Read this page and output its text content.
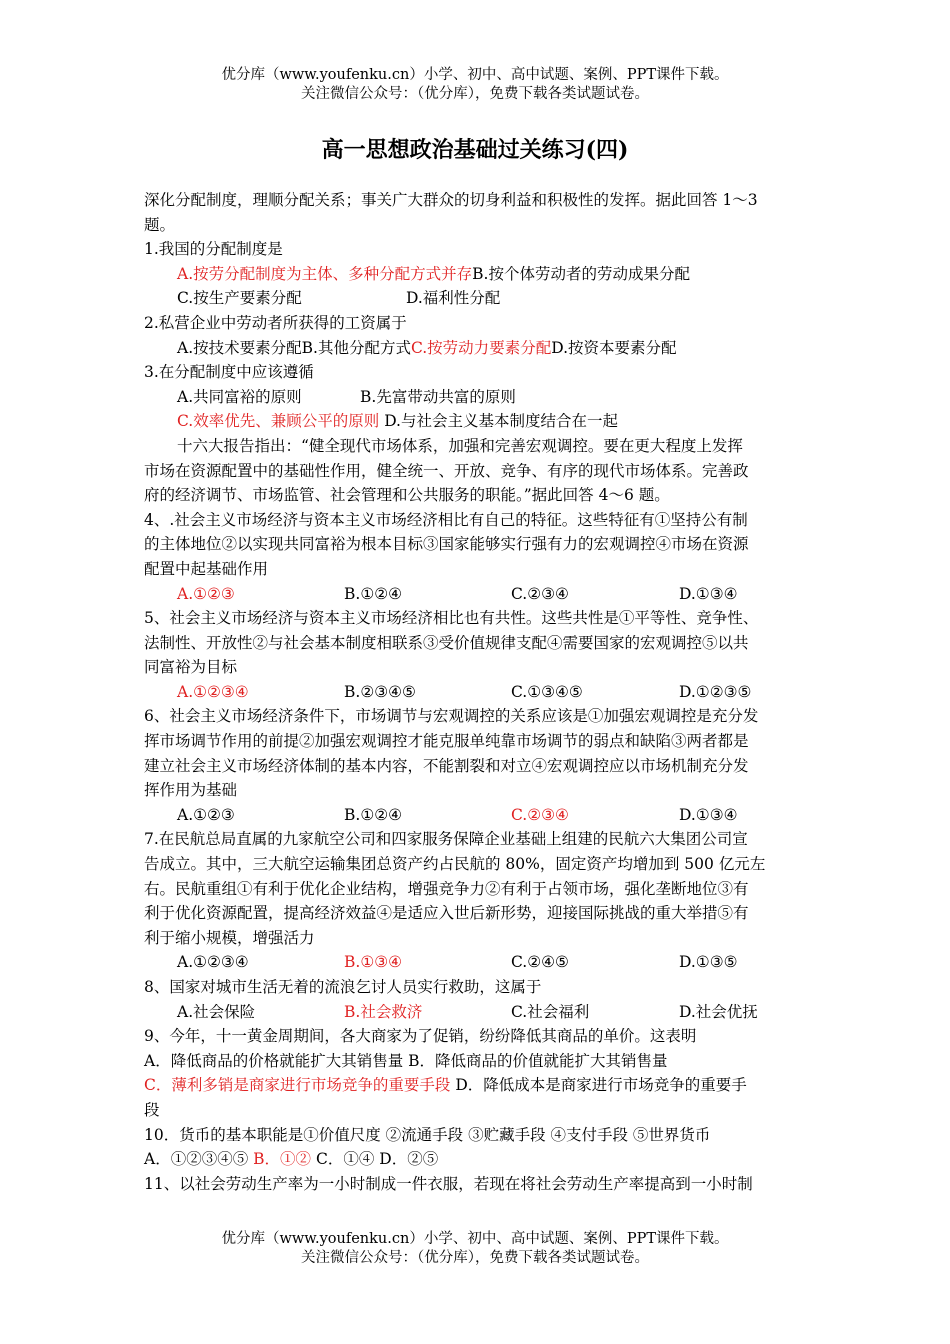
优分库（www.youfenku.cn）小学、初中、高中试题、案例、PPT课件下载。
关注微信公众号：（优分库），免费下载各类试题试卷。
高一思想政治基础过关练习(四)
深化分配制度，理顺分配关系；事关广大群众的切身利益和积极性的发挥。据此回答 1～3
题。
1.我国的分配制度是
A.按劳分配制度为主体、多种分配方式并存B.按个体劳动者的劳动成果分配
C.按生产要素分配	D.福利性分配
2.私营企业中劳动者所获得的工资属于
A.按技术要素分配B.其他分配方式C.按劳动力要素分配D.按资本要素分配
3.在分配制度中应该遵循
A.共同富裕的原则	B.先富带动共富的原则
C.效率优先、兼顾公平的原则 D.与社会主义基本制度结合在一起
十六大报告指出：“健全现代市场体系，加强和完善宏观调控。要在更大程度上发挥
市场在资源配置中的基础性作用，健全统一、开放、竞争、有序的现代市场体系。完善政
府的经济调节、市场监管、社会管理和公共服务的职能。”据此回答 4～6 题。
4、.社会主义市场经济与资本主义市场经济相比有自己的特征。这些特征有①坚持公有制
的主体地位②以实现共同富裕为根本目标③国家能够实行强有力的宏观调控④市场在资源
配置中起基础作用
A.①②③	B.①②④	C.②③④	D.①③④
5、社会主义市场经济与资本主义市场经济相比也有共性。这些共性是①平等性、竞争性、
法制性、开放性②与社会基本制度相联系③受价值规律支配④需要国家的宏观调控⑤以共
同富裕为目标
A.①②③④	B.②③④⑤	C.①③④⑤	D.①②③⑤
6、社会主义市场经济条件下，市场调节与宏观调控的关系应该是①加强宏观调控是充分发
挥市场调节作用的前提②加强宏观调控才能克服单纯靠市场调节的弱点和缺陷③两者都是
建立社会主义市场经济体制的基本内容，不能割裂和对立④宏观调控应以市场机制充分发
挥作用为基础
A.①②③	B.①②④	C.②③④	D.①③④
7.在民航总局直属的九家航空公司和四家服务保障企业基础上组建的民航六大集团公司宣
告成立。其中，三大航空运输集团总资产约占民航的 80%，固定资产均增加到 500 亿元左
右。民航重组①有利于优化企业结构，增强竞争力②有利于占领市场，强化垄断地位③有
利于优化资源配置，提高经济效益④是适应入世后新形势，迎接国际挑战的重大举措⑤有
利于缩小规模，增强活力
A.①②③④	B.①③④	C.②④⑤	D.①③⑤
8、国家对城市生活无着的流浪乞讨人员实行救助，这属于
A.社会保险	B.社会救济	C.社会福利	D.社会优抚
9、今年，十一黄金周期间，各大商家为了促销，纷纷降低其商品的单价。这表明
A．降低商品的价格就能扩大其销售量 B．降低商品的价值就能扩大其销售量
C．薄利多销是商家进行市场竞争的重要手段 D．降低成本是商家进行市场竞争的重要手
段
10．货币的基本职能是①价值尺度 ②流通手段 ③贮藏手段 ④支付手段 ⑤世界货币
A．①②③④⑤ B．①② C．①④ D．②⑤
11、以社会劳动生产率为一小时制成一件衣服，若现在将社会劳动生产率提高到一小时制
优分库（www.youfenku.cn）小学、初中、高中试题、案例、PPT课件下载。
关注微信公众号：（优分库），免费下载各类试题试卷。
